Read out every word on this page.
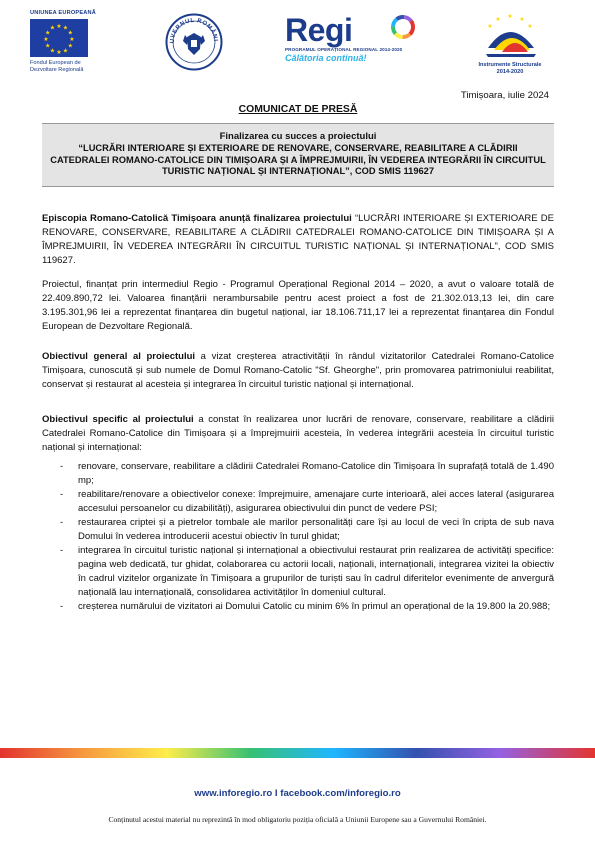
UNIUNEA EUROPEANĂ
★ ★
★
★
★
★
★
★
★
★
★
★
Fondul European de
Dezvoltare Regională
UVERNUL ROMÂNI Regi
PROGRAMUL OPERAȚIONAL REGIONAL 2014-2020
Călătoria continuă!
★
★	★
★	★
Instrumente Structurale
2014-2020
Timișoara, iulie 2024
COMUNICAT DE PRESĂ
Finalizarea cu succes a proiectului
“LUCRĂRI INTERIOARE ȘI EXTERIOARE DE RENOVARE, CONSERVARE, REABILITARE A CLĂDIRII CATEDRALEI ROMANO-CATOLICE DIN TIMIȘOARA ȘI A ÎMPREJMUIRII, ÎN VEDEREA INTEGRĂRII ÎN CIRCUITUL TURISTIC NAȚIONAL ȘI INTERNAȚIONAL”, COD SMIS 119627

Episcopia Romano-Catolică Timișoara anunță finalizarea proiectului “LUCRĂRI INTERIOARE ȘI EXTERIOARE DE RENOVARE, CONSERVARE, REABILITARE A CLĂDIRII CATEDRALEI ROMANO-CATOLICE DIN TIMIȘOARA ȘI A ÎMPREJMUIRII, ÎN VEDEREA INTEGRĂRII ÎN CIRCUITUL TURISTIC NAȚIONAL ȘI INTERNAȚIONAL”, COD SMIS 119627.

Proiectul, finanțat prin intermediul Regio - Programul Operațional Regional 2014 – 2020, a avut o valoare totală de 22.409.890,72 lei. Valoarea finanțării nerambursabile pentru acest proiect a fost de 21.302.013,13 lei, din care 3.195.301,96 lei a reprezentat finanțarea din bugetul național, iar 18.106.711,17 lei a reprezentat finanțarea din Fondul European de Dezvoltare Regională.

Obiectivul general al proiectului a vizat creșterea atractivității în rândul vizitatorilor Catedralei Romano-Catolice Timișoara, cunoscută și sub numele de Domul Romano-Catolic "Sf. Gheorghe", prin promovarea patrimoniului reabilitat, conservat și restaurat al acesteia și integrarea în circuitul turistic național și internațional.

Obiectivul specific al proiectului a constat în realizarea unor lucrări de renovare, conservare, reabilitare a clădirii Catedralei Romano-Catolice din Timișoara și a împrejmuirii acesteia, în vederea integrării acesteia în circuitul turistic național și internațional:

- renovare, conservare, reabilitare a clădirii Catedralei Romano-Catolice din Timișoara în suprafață totală de 1.490 mp;
- reabilitare/renovare a obiectivelor conexe: împrejmuire, amenajare curte interioară, alei acces lateral (asigurarea accesului persoanelor cu dizabilități), asigurarea obiectivului din punct de vedere PSI;
- restaurarea criptei și a pietrelor tombale ale marilor personalități care își au locul de veci în cripta de sub nava Domului în vederea introducerii acestui obiectiv în turul ghidat;
- integrarea în circuitul turistic național și internațional a obiectivului restaurat prin realizarea de activități specifice: pagina web dedicată, tur ghidat, colaborarea cu actorii locali, naționali, internaționali, integrarea vizitei la obiectiv în cadrul vizitelor organizate în Timișoara a grupurilor de turiști sau în cadrul diferitelor evenimente de anvergură națională lau internațională, consolidarea activităților în domeniul cultural.
- creșterea numărului de vizitatori ai Domului Catolic cu minim 6% în primul an operațional de la 19.800 la 20.988;
www.inforegio.ro I facebook.com/inforegio.ro
Conținutul acestui material nu reprezintă în mod obligatoriu poziția oficială a Uniunii Europene sau a Guvernului României.
